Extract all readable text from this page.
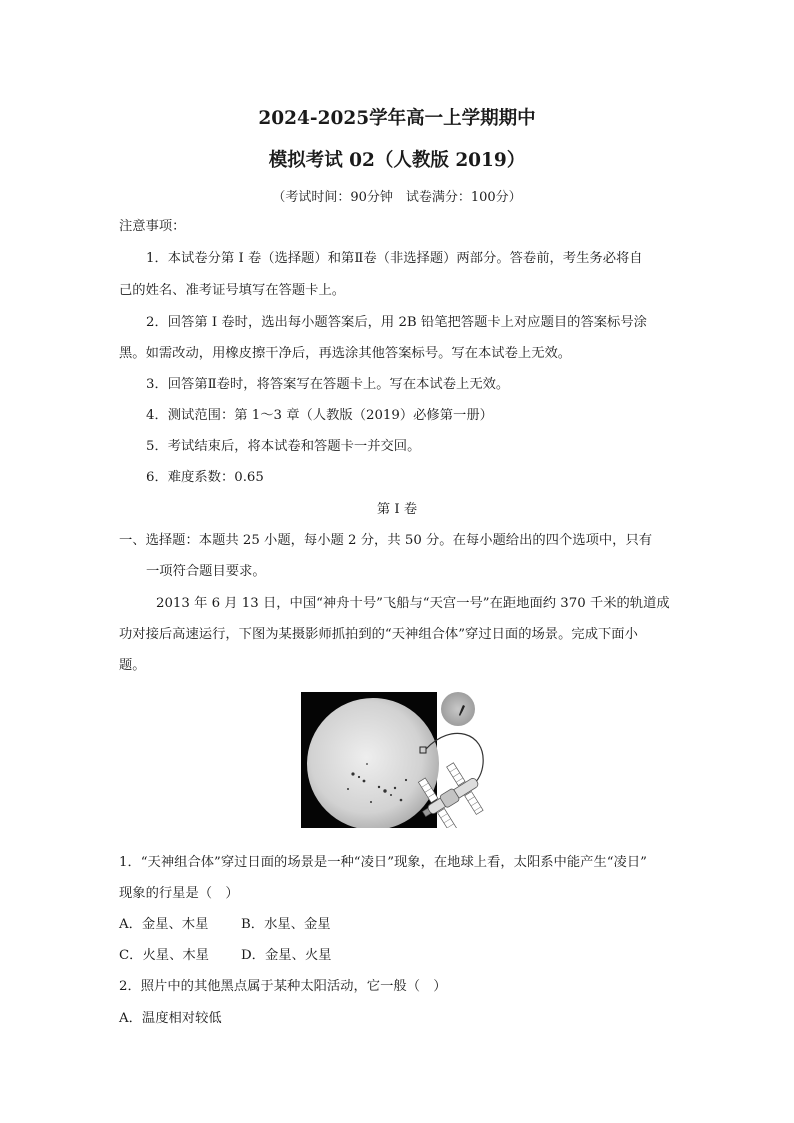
2024-2025学年高一上学期期中
模拟考试 02（人教版 2019）
（考试时间：90分钟　试卷满分：100分）
注意事项：
1．本试卷分第 I 卷（选择题）和第Ⅱ卷（非选择题）两部分。答卷前，考生务必将自
己的姓名、准考证号填写在答题卡上。
2．回答第 I 卷时，选出每小题答案后，用 2B 铅笔把答题卡上对应题目的答案标号涂
黑。如需改动，用橡皮擦干净后，再选涂其他答案标号。写在本试卷上无效。
3．回答第Ⅱ卷时，将答案写在答题卡上。写在本试卷上无效。
4．测试范围：第 1～3 章（人教版（2019）必修第一册）
5．考试结束后，将本试卷和答题卡一并交回。
6．难度系数：0.65
第 I 卷
一、选择题：本题共 25 小题，每小题 2 分，共 50 分。在每小题给出的四个选项中，只有
一项符合题目要求。
2013 年 6 月 13 日，中国“神舟十号”飞船与“天宫一号”在距地面约 370 千米的轨道成
功对接后高速运行，下图为某摄影师抓拍到的“天神组合体”穿过日面的场景。完成下面小
题。
1．“天神组合体”穿过日面的场景是一种“凌日”现象，在地球上看，太阳系中能产生“凌日”
现象的行星是（　）
A．金星、木星 B．水星、金星
C．火星、木星 D．金星、火星
2．照片中的其他黑点属于某种太阳活动，它一般（　）
A．温度相对较低
